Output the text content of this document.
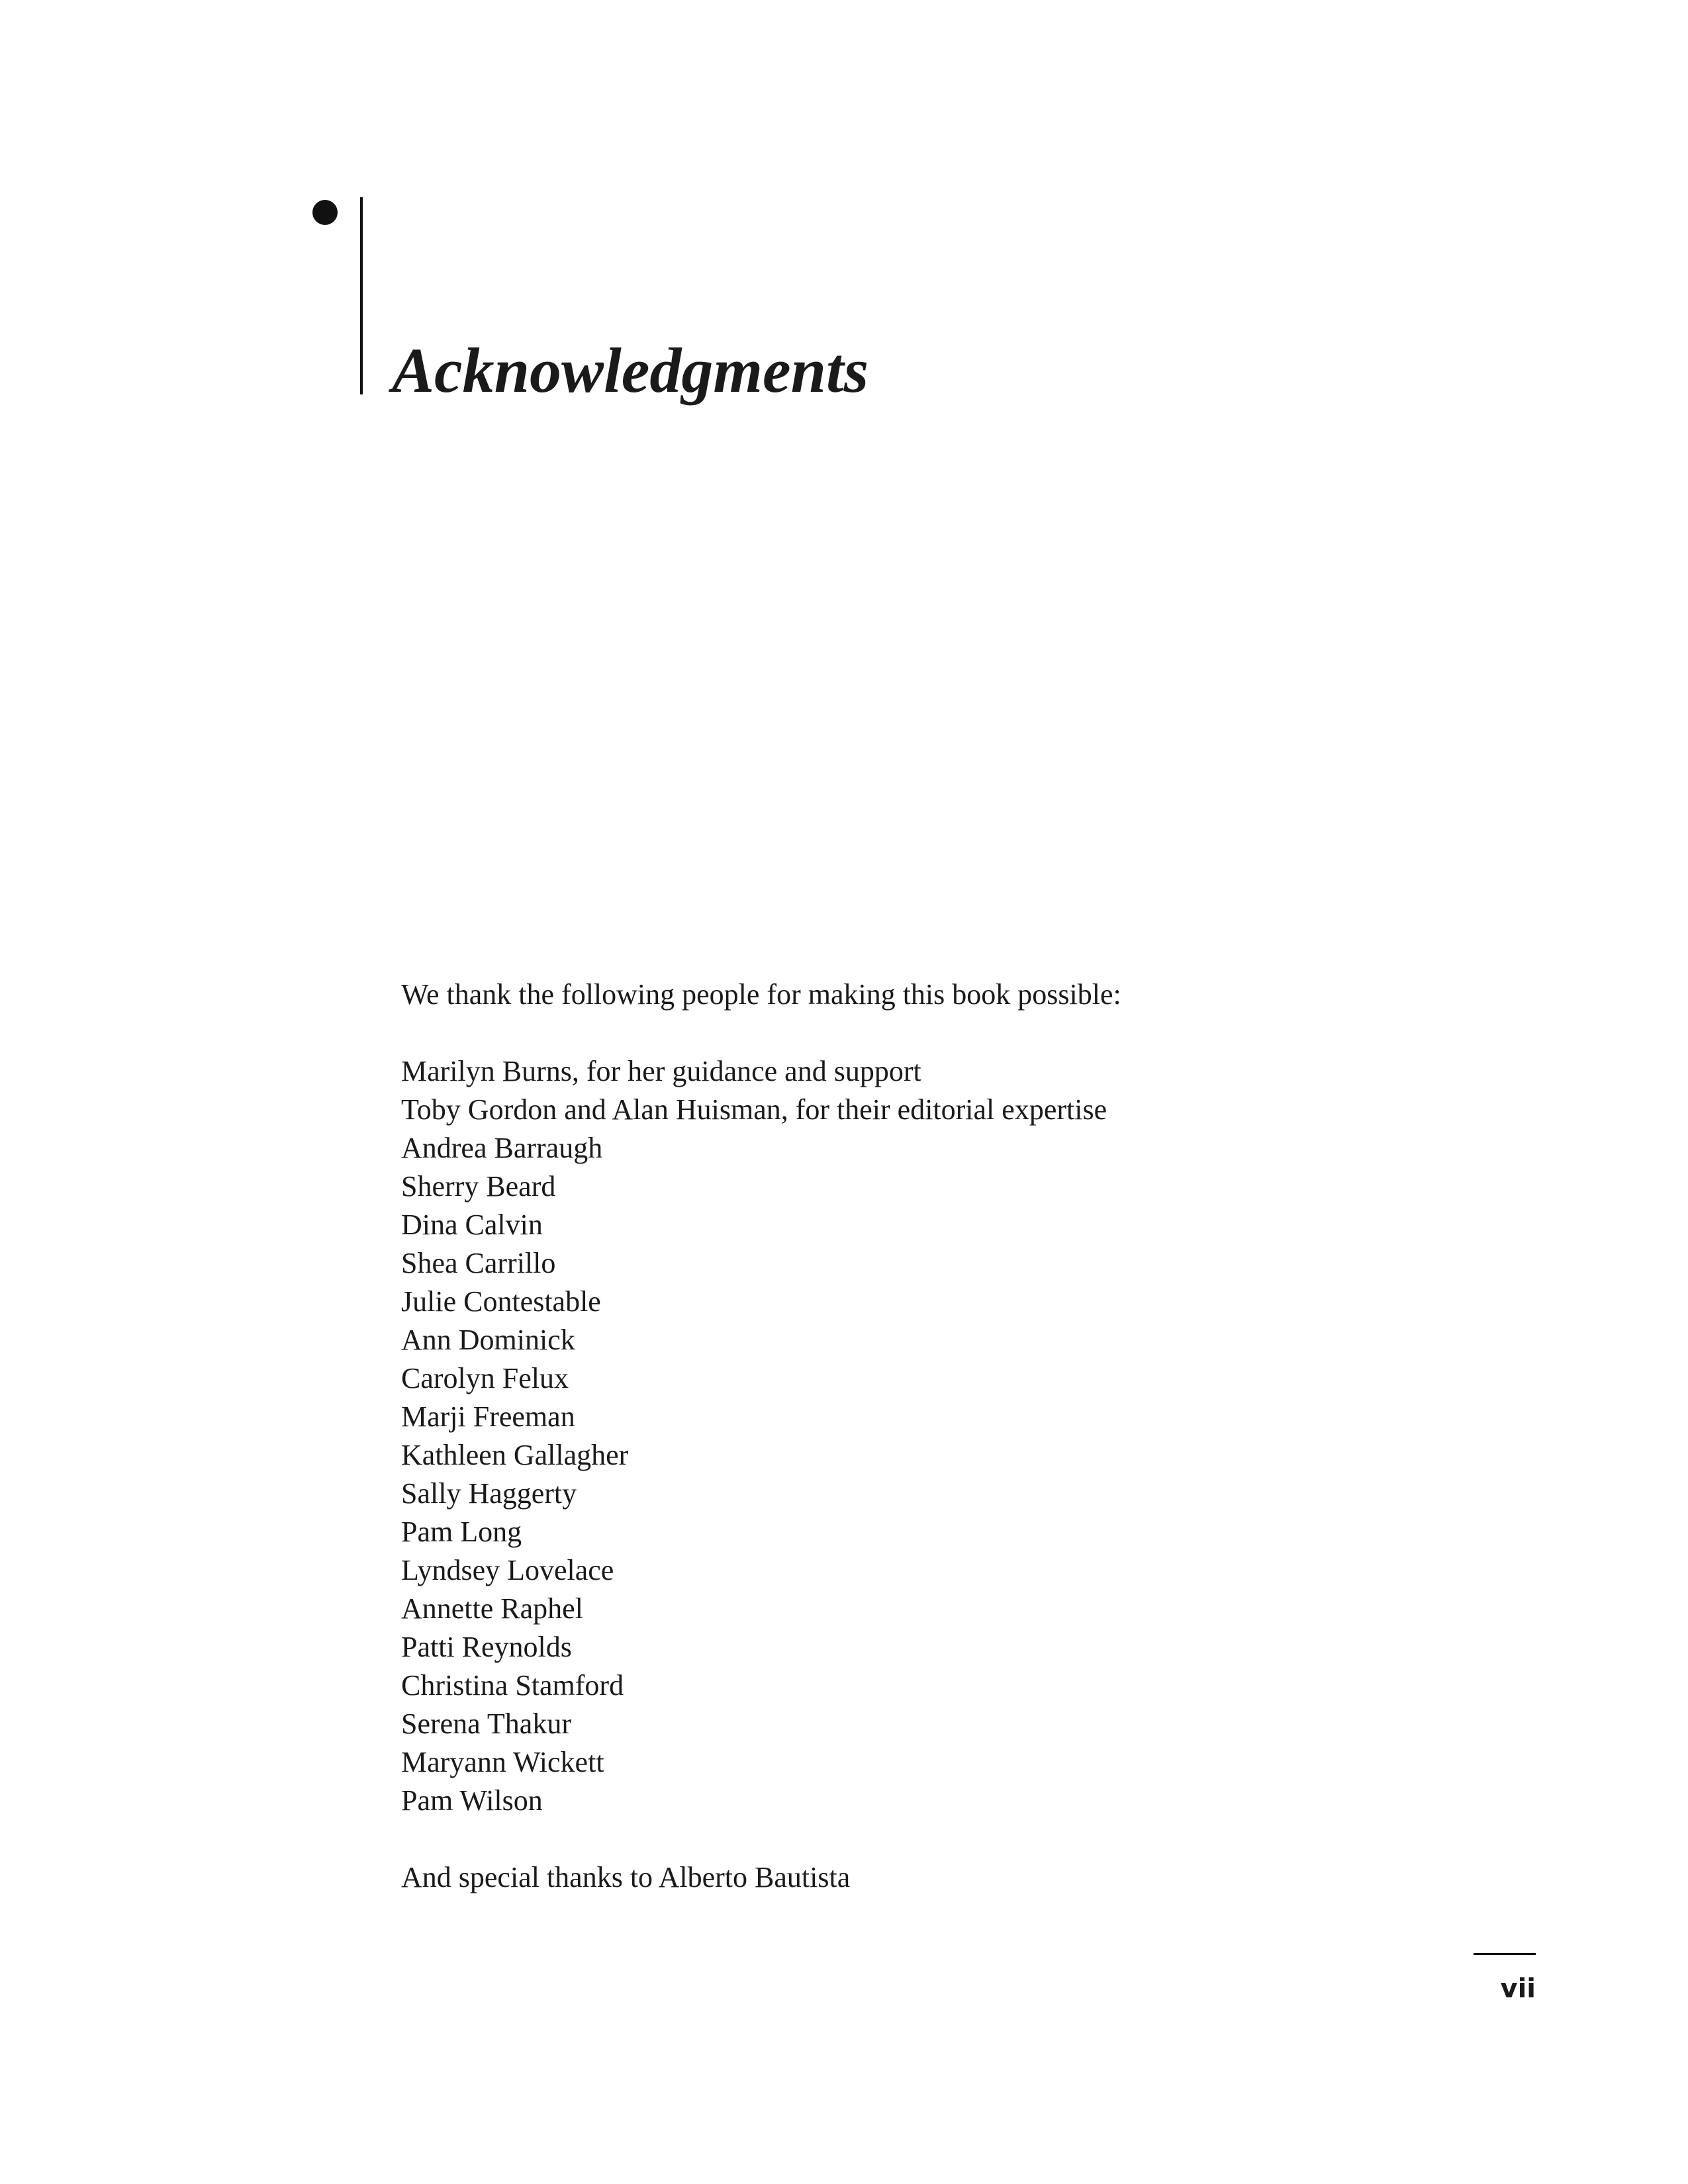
Acknowledgments

We thank the following people for making this book possible:

Marilyn Burns, for her guidance and support
Toby Gordon and Alan Huisman, for their editorial expertise
Andrea Barraugh
Sherry Beard
Dina Calvin
Shea Carrillo
Julie Contestable
Ann Dominick
Carolyn Felux
Marji Freeman
Kathleen Gallagher
Sally Haggerty
Pam Long
Lyndsey Lovelace
Annette Raphel
Patti Reynolds
Christina Stamford
Serena Thakur
Maryann Wickett
Pam Wilson

And special thanks to Alberto Bautista

vii
